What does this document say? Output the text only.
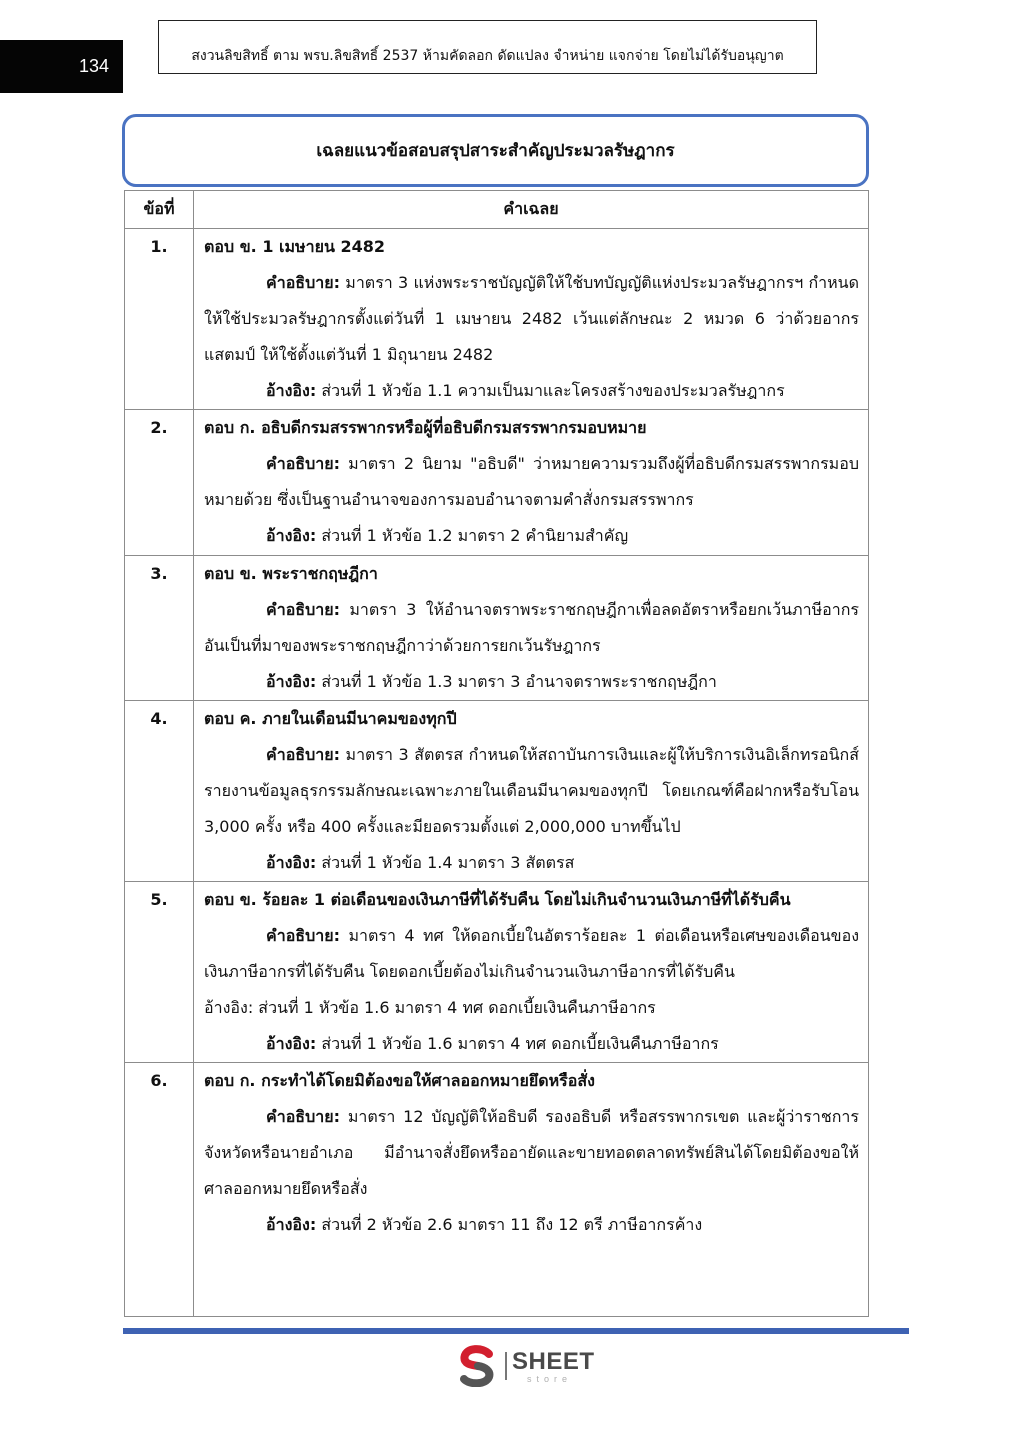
134	สงวนลิขสิทธิ์ ตาม พรบ.ลิขสิทธิ์ 2537 ห้ามคัดลอก ดัดแปลง จำหน่าย แจกจ่าย โดยไม่ได้รับอนุญาต
เฉลยแนวข้อสอบสรุปสาระสำคัญประมวลรัษฎากร
ข้อที่	คำเฉลย
1.	ตอบ ข. 1 เมษายน 2482

คำอธิบาย: มาตรา 3 แห่งพระราชบัญญัติให้ใช้บทบัญญัติแห่งประมวลรัษฎากรฯ กำหนดให้ใช้ประมวลรัษฎากรตั้งแต่วันที่ 1 เมษายน 2482 เว้นแต่ลักษณะ 2 หมวด 6 ว่าด้วยอากรแสตมป์ ให้ใช้ตั้งแต่วันที่ 1 มิถุนายน 2482

อ้างอิง: ส่วนที่ 1 หัวข้อ 1.1 ความเป็นมาและโครงสร้างของประมวลรัษฎากร

2.	ตอบ ก. อธิบดีกรมสรรพากรหรือผู้ที่อธิบดีกรมสรรพากรมอบหมาย

คำอธิบาย: มาตรา 2 นิยาม "อธิบดี" ว่าหมายความรวมถึงผู้ที่อธิบดีกรมสรรพากรมอบหมายด้วย ซึ่งเป็นฐานอำนาจของการมอบอำนาจตามคำสั่งกรมสรรพากร

อ้างอิง: ส่วนที่ 1 หัวข้อ 1.2 มาตรา 2 คำนิยามสำคัญ

3.	ตอบ ข. พระราชกฤษฎีกา

คำอธิบาย: มาตรา 3 ให้อำนาจตราพระราชกฤษฎีกาเพื่อลดอัตราหรือยกเว้นภาษีอากร อันเป็นที่มาของพระราชกฤษฎีกาว่าด้วยการยกเว้นรัษฎากร

อ้างอิง: ส่วนที่ 1 หัวข้อ 1.3 มาตรา 3 อำนาจตราพระราชกฤษฎีกา

4.	ตอบ ค. ภายในเดือนมีนาคมของทุกปี

คำอธิบาย: มาตรา 3 สัตตรส กำหนดให้สถาบันการเงินและผู้ให้บริการเงินอิเล็กทรอนิกส์รายงานข้อมูลธุรกรรมลักษณะเฉพาะภายในเดือนมีนาคมของทุกปี โดยเกณฑ์คือฝากหรือรับโอน 3,000 ครั้ง หรือ 400 ครั้งและมียอดรวมตั้งแต่ 2,000,000 บาทขึ้นไป

อ้างอิง: ส่วนที่ 1 หัวข้อ 1.4 มาตรา 3 สัตตรส

5.	ตอบ ข. ร้อยละ 1 ต่อเดือนของเงินภาษีที่ได้รับคืน โดยไม่เกินจำนวนเงินภาษีที่ได้รับคืน

คำอธิบาย: มาตรา 4 ทศ ให้ดอกเบี้ยในอัตราร้อยละ 1 ต่อเดือนหรือเศษของเดือนของเงินภาษีอากรที่ได้รับคืน โดยดอกเบี้ยต้องไม่เกินจำนวนเงินภาษีอากรที่ได้รับคืน

อ้างอิง: ส่วนที่ 1 หัวข้อ 1.6 มาตรา 4 ทศ ดอกเบี้ยเงินคืนภาษีอากร

อ้างอิง: ส่วนที่ 1 หัวข้อ 1.6 มาตรา 4 ทศ ดอกเบี้ยเงินคืนภาษีอากร

6.	ตอบ ก. กระทำได้โดยมิต้องขอให้ศาลออกหมายยึดหรือสั่ง

คำอธิบาย: มาตรา 12 บัญญัติให้อธิบดี รองอธิบดี หรือสรรพากรเขต และผู้ว่าราชการจังหวัดหรือนายอำเภอ มีอำนาจสั่งยึดหรืออายัดและขายทอดตลาดทรัพย์สินได้โดยมิต้องขอให้ศาลออกหมายยึดหรือสั่ง

อ้างอิง: ส่วนที่ 2 หัวข้อ 2.6 มาตรา 11 ถึง 12 ตรี ภาษีอากรค้าง

SHEET
store
